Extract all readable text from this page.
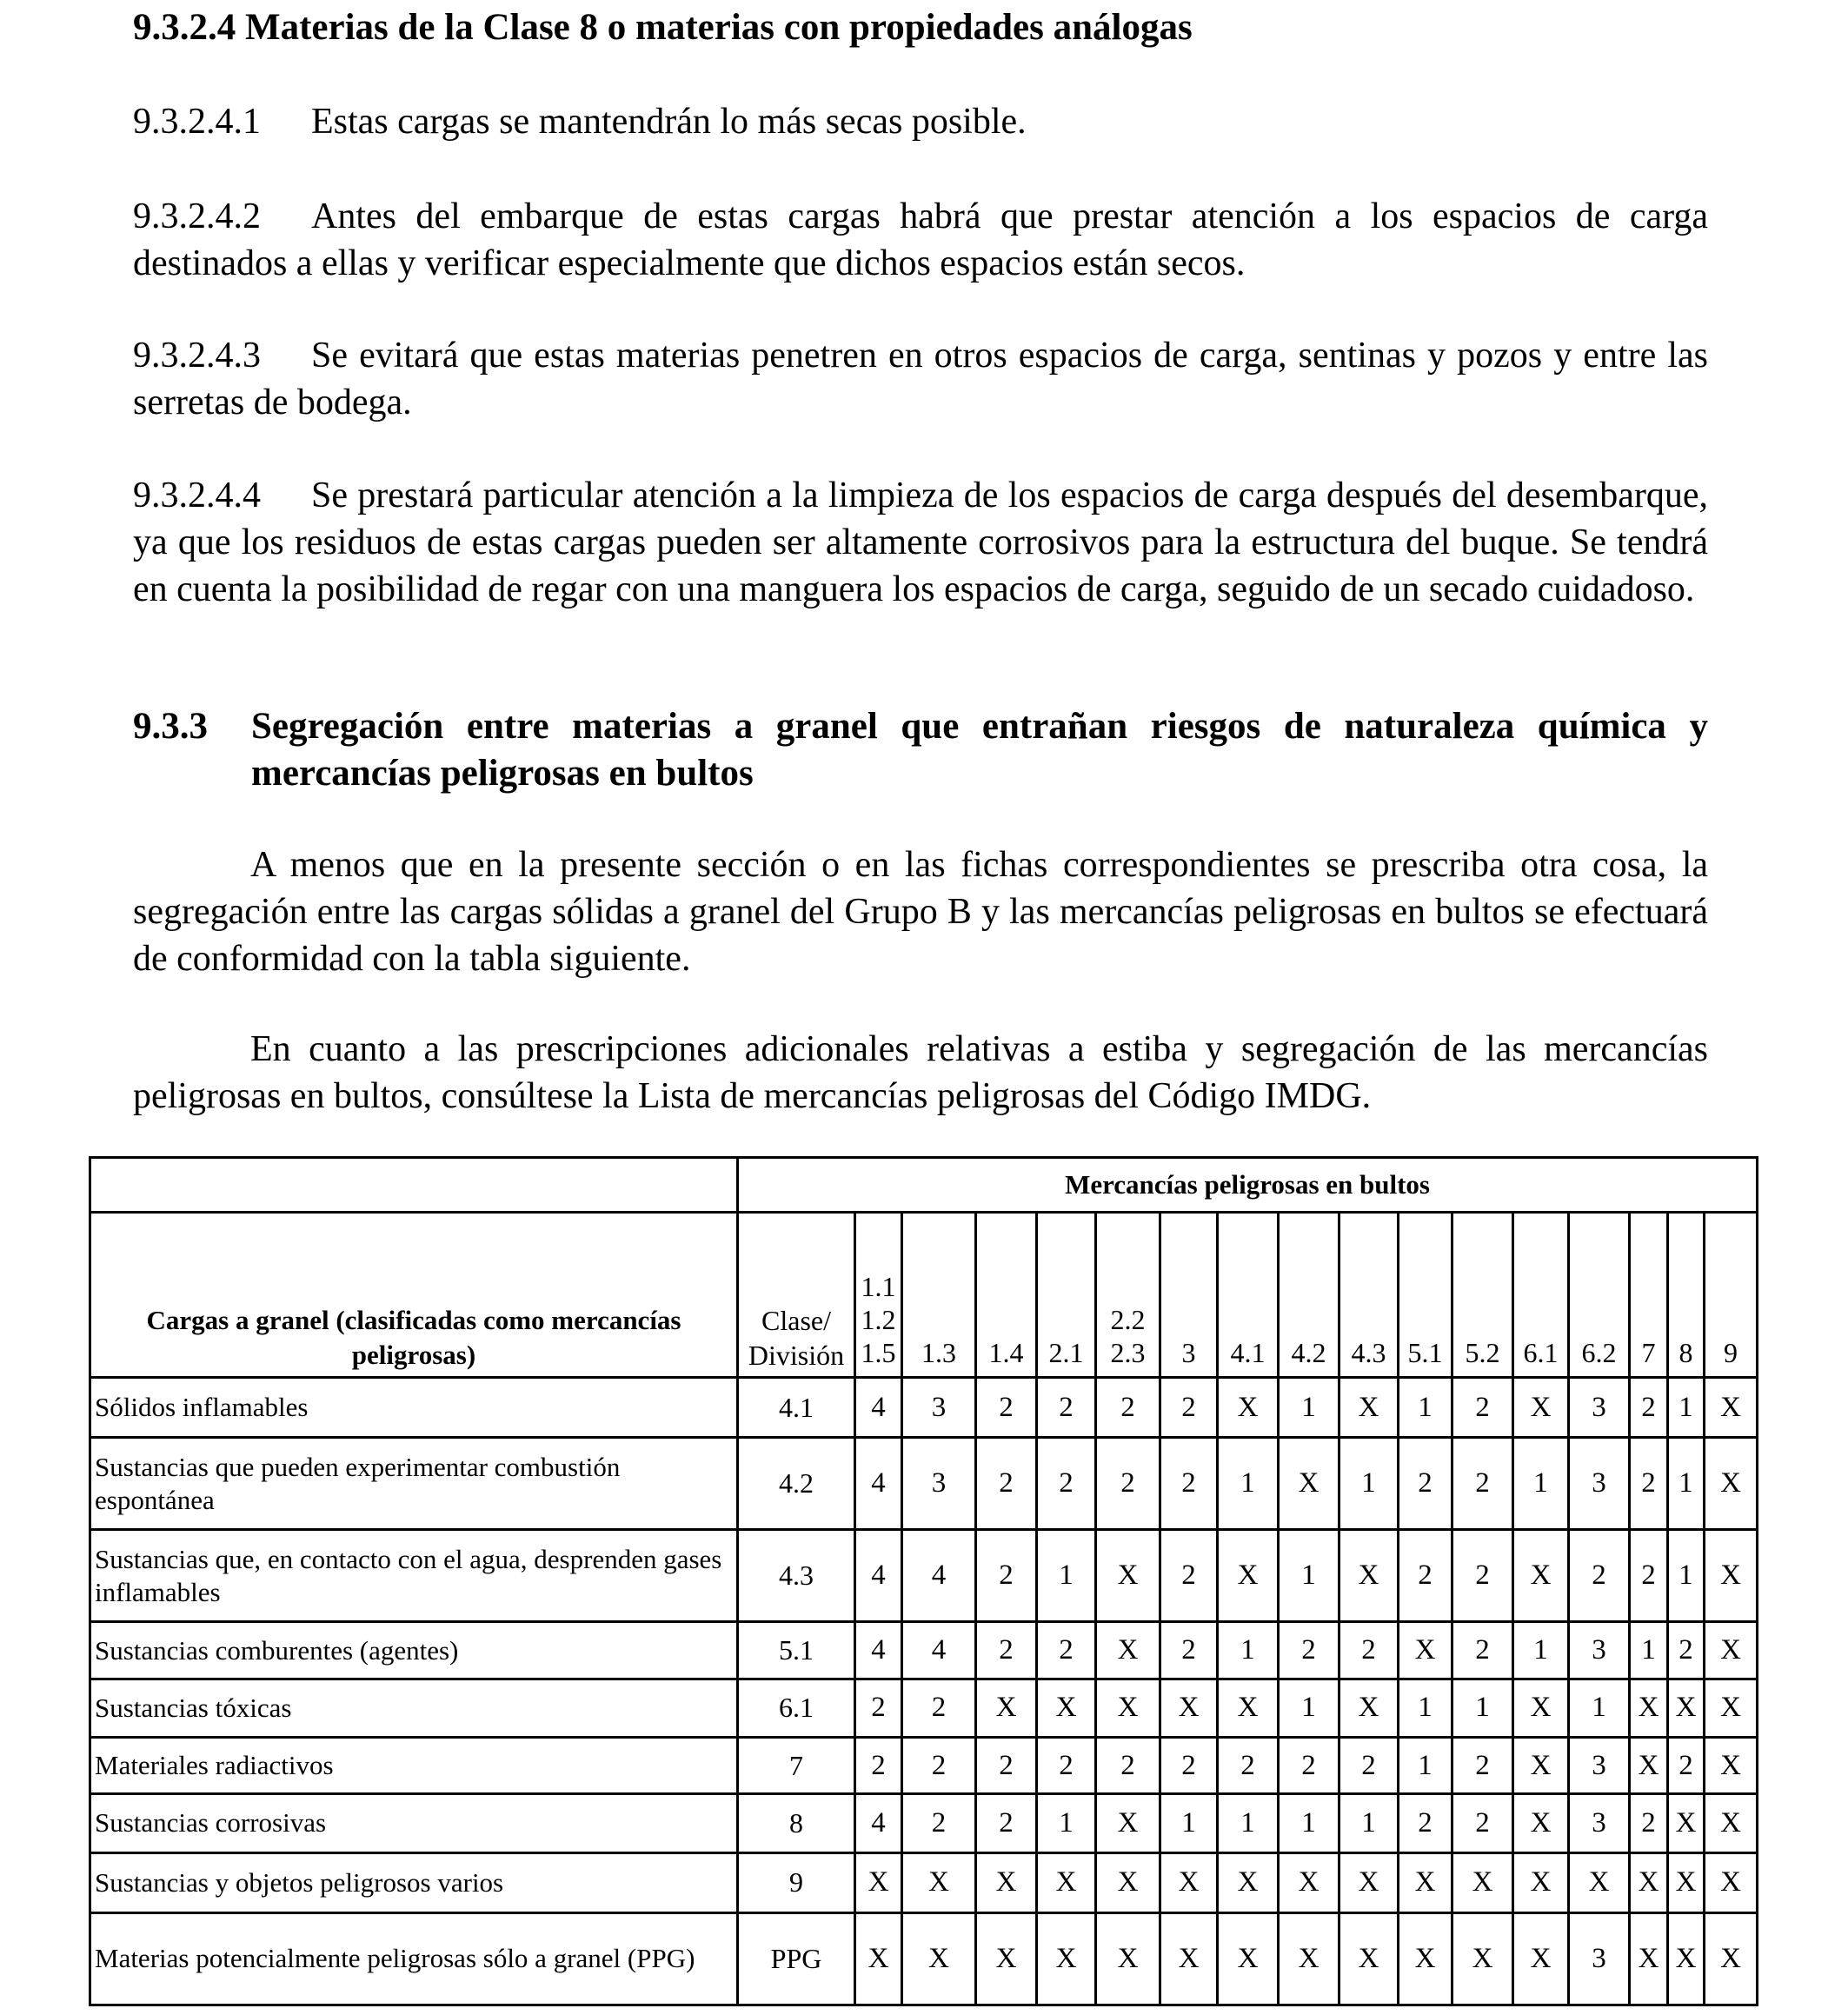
9.3.2.4 Materias de la Clase 8 o materias con propiedades análogas

9.3.2.4.1 Estas cargas se mantendrán lo más secas posible.

9.3.2.4.2 Antes del embarque de estas cargas habrá que prestar atención a los espacios de carga destinados a ellas y verificar especialmente que dichos espacios están secos.

9.3.2.4.3 Se evitará que estas materias penetren en otros espacios de carga, sentinas y pozos y entre las serretas de bodega.

9.3.2.4.4 Se prestará particular atención a la limpieza de los espacios de carga después del desembarque, ya que los residuos de estas cargas pueden ser altamente corrosivos para la estructura del buque. Se tendrá en cuenta la posibilidad de regar con una manguera los espacios de carga, seguido de un secado cuidadoso.

9.3.3 Segregación entre materias a granel que entrañan riesgos de naturaleza química y mercancías peligrosas en bultos

A menos que en la presente sección o en las fichas correspondientes se prescriba otra cosa, la segregación entre las cargas sólidas a granel del Grupo B y las mercancías peligrosas en bultos se efectuará de conformidad con la tabla siguiente.

En cuanto a las prescripciones adicionales relativas a estiba y segregación de las mercancías peligrosas en bultos, consúltese la Lista de mercancías peligrosas del Código IMDG.

	Mercancías peligrosas en bultos																
Cargas a granel (clasificadas como mercancías peligrosas)	Clase/ División	1.1
1.2
1.5	1.3	1.4	2.1	2.2
2.3	3	4.1	4.2	4.3	5.1	5.2	6.1	6.2	7	8	9
Sólidos inflamables	4.1	4	3	2	2	2	2	X	1	X	1	2	X	3	2	1	X
Sustancias que pueden experimentar combustión espontánea	4.2	4	3	2	2	2	2	1	X	1	2	2	1	3	2	1	X
Sustancias que, en contacto con el agua, desprenden gases inflamables	4.3	4	4	2	1	X	2	X	1	X	2	2	X	2	2	1	X
Sustancias comburentes (agentes)	5.1	4	4	2	2	X	2	1	2	2	X	2	1	3	1	2	X
Sustancias tóxicas	6.1	2	2	X	X	X	X	X	1	X	1	1	X	1	X	X	X
Materiales radiactivos	7	2	2	2	2	2	2	2	2	2	1	2	X	3	X	2	X
Sustancias corrosivas	8	4	2	2	1	X	1	1	1	1	2	2	X	3	2	X	X
Sustancias y objetos peligrosos varios	9	X	X	X	X	X	X	X	X	X	X	X	X	X	X	X	X
Materias potencialmente peligrosas sólo a granel (PPG)	PPG	X	X	X	X	X	X	X	X	X	X	X	X	3	X	X	X
